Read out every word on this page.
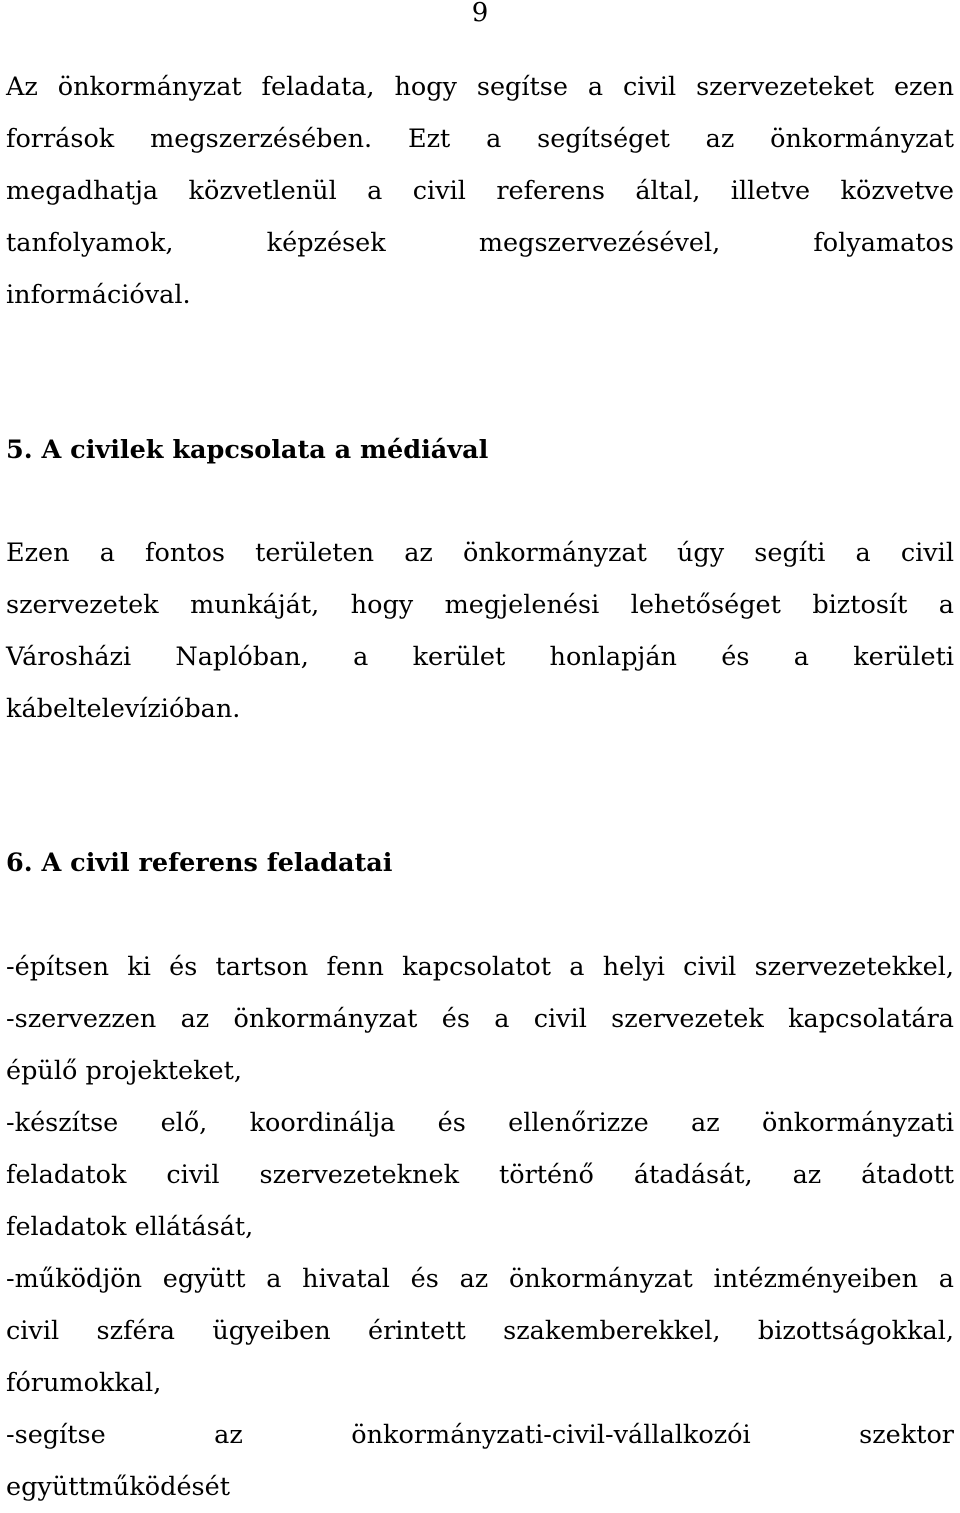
9
Az önkormányzat feladata, hogy segítse a civil szervezeteket ezen
források megszerzésében. Ezt a segítséget az önkormányzat
megadhatja közvetlenül a civil referens által, illetve közvetve
tanfolyamok, képzések megszervezésével, folyamatos
információval.
5. A civilek kapcsolata a médiával
Ezen a fontos területen az önkormányzat úgy segíti a civil
szervezetek munkáját, hogy megjelenési lehetőséget biztosít a
Városházi Naplóban, a kerület honlapján és a kerületi
kábeltelevízióban.
6. A civil referens feladatai
-építsen ki és tartson fenn kapcsolatot a helyi civil szervezetekkel,
-szervezzen az önkormányzat és a civil szervezetek kapcsolatára
épülő projekteket,
-készítse elő, koordinálja és ellenőrizze az önkormányzati
feladatok civil szervezeteknek történő átadását, az átadott
feladatok ellátását,
-működjön együtt a hivatal és az önkormányzat intézményeiben a
civil szféra ügyeiben érintett szakemberekkel, bizottságokkal,
fórumokkal,
-segítse az önkormányzati-civil-vállalkozói szektor
együttműködését
